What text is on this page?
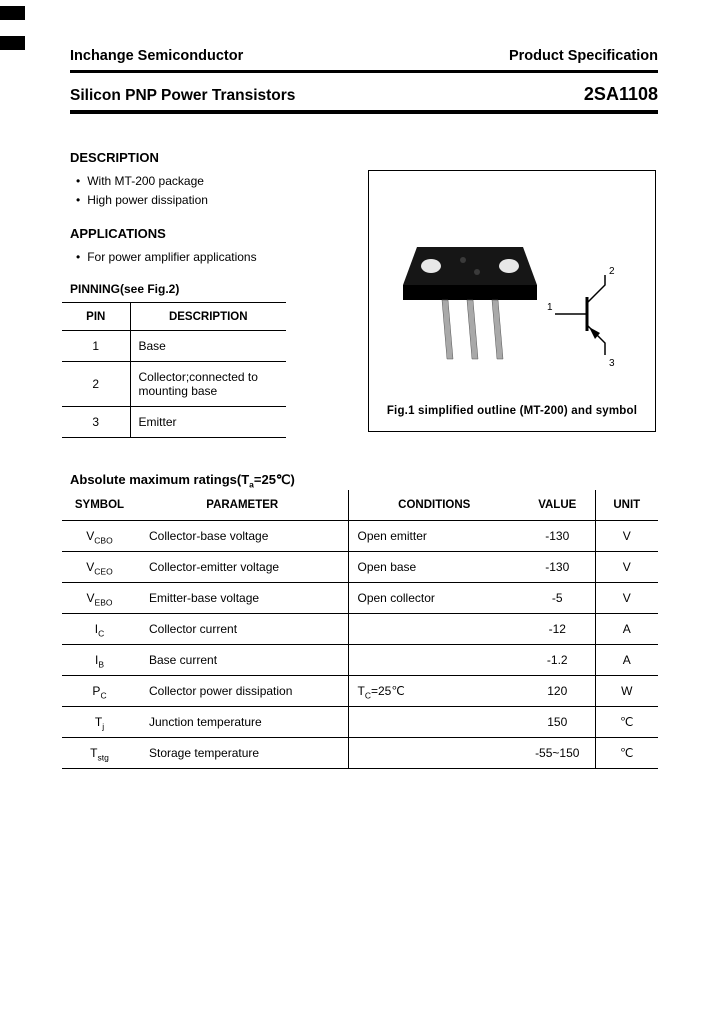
Inchange Semiconductor	Product Specification
Silicon PNP Power Transistors	2SA1108
DESCRIPTION
• With MT-200 package
• High power dissipation
APPLICATIONS
• For power amplifier applications
PINNING(see Fig.2)
PIN	DESCRIPTION
1	Base
2	Collector;connected to mounting base
3	Emitter
2
1
3
Fig.1 simplified outline (MT-200) and symbol
Absolute maximum $ratings(T_a=25℃)$
SYMBOL	PARAMETER	CONDITIONS	VALUE	UNIT
$V_{CBO}$	Collector-base voltage	Open emitter	-130	V
$V_{CEO}$	Collector-emitter voltage	Open base	-130	V
$V_{EBO}$	Emitter-base voltage	Open collector	-5	V
$I_C$	Collector current		-12	A
$I_B$	Base current		-1.2	A
$P_C$	Collector power dissipation	$T_C=25℃$	120	W
$T_j$	Junction temperature		150	℃
$T_{stg}$	Storage temperature		-55~150	℃
